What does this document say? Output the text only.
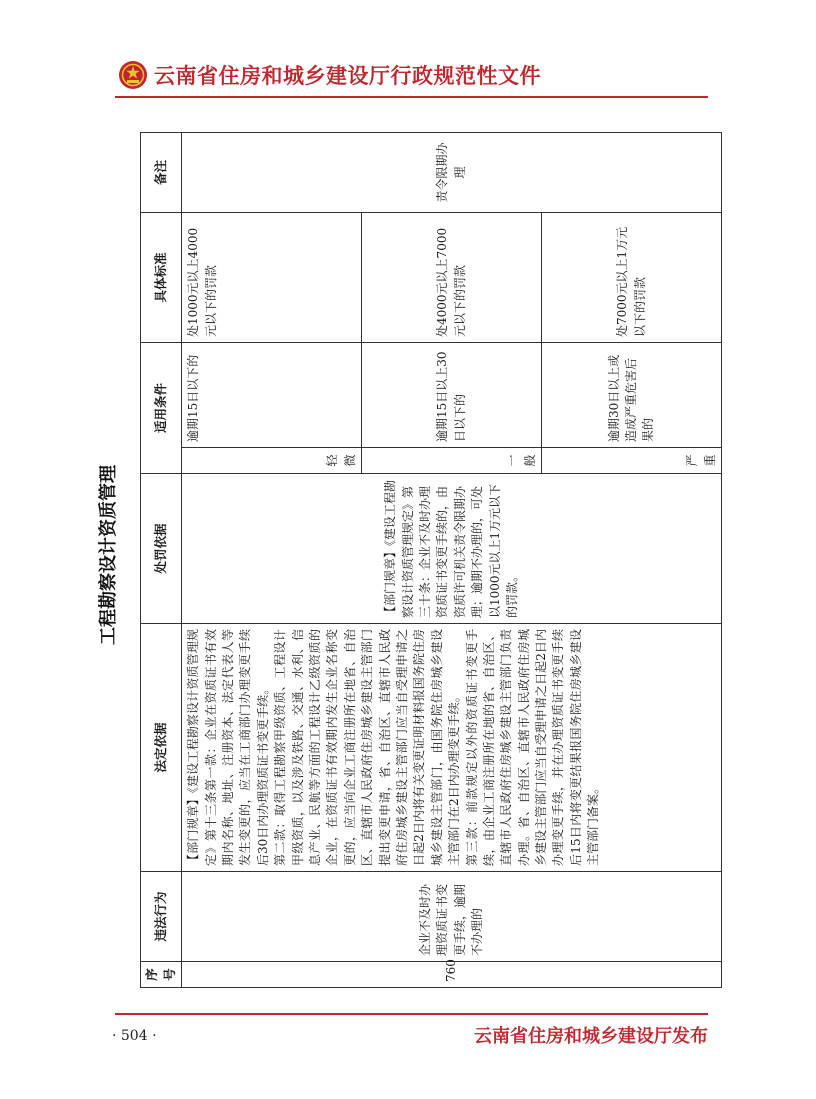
云南省住房和城乡建设厅行政规范性文件
工程勘察设计资质管理
序号	违法行为	法定依据	处罚依据	适用条件		具体标准	备注
760	企业不及时办理资质证书变更手续，逾期不办理的	【部门规章】《建设工程勘察设计资质管理规定》第十三条第一款：企业在资质证书有效期内名称、地址、注册资本、法定代表人等发生变更的，应当在工商部门办理变更手续后30日内办理资质证书变更手续。 第二款：取得工程勘察甲级资质、工程设计甲级资质，以及涉及铁路、交通、水利、信息产业、民航等方面的工程设计乙级资质的企业，在资质证书有效期内发生企业名称变更的，应当向企业工商注册所在地省、自治区、直辖市人民政府住房城乡建设主管部门提出变更申请，省、自治区、直辖市人民政府住房城乡建设主管部门应当自受理申请之日起2日内将有关变更证明材料报国务院住房城乡建设主管部门，由国务院住房城乡建设主管部门在2日内办理变更手续。 第三款：前款规定以外的资质证书变更手续，由企业工商注册所在地的省、自治区、直辖市人民政府住房城乡建设主管部门负责办理。省、自治区、直辖市人民政府住房城乡建设主管部门应当自受理申请之日起2日内办理变更手续，并在办理资质证书变更手续后15日内将变更结果报国务院住房城乡建设主管部门备案。	【部门规章】《建设工程勘察设计资质管理规定》第三十条：企业不及时办理资质证书变更手续的，由资质许可机关责令限期办理；逾期不办理的，可处以1000元以上1万元以下的罚款。	轻微	逾期15日以下的	处1000元以上4000元以下的罚款	责令限期办理
				一般	逾期15日以上30日以下的	处4000元以上7000元以下的罚款	
				严重	逾期30日以上或造成严重危害后果的	处7000元以上1万元以下的罚款	
· 504 ·	云南省住房和城乡建设厅发布
